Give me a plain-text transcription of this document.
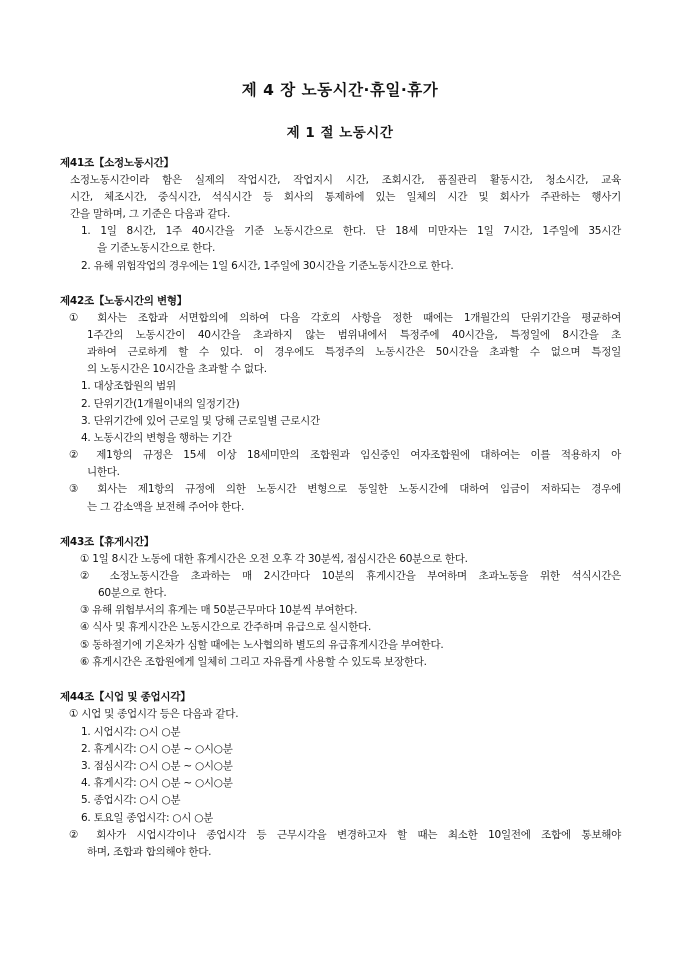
제 4 장 노동시간·휴일·휴가
제 1 절 노동시간
제41조【소정노동시간】
소정노동시간이라 함은 실제의 작업시간, 작업지시 시간, 조회시간, 품질관리 활동시간, 청소시간, 교육
시간, 체조시간, 중식시간, 석식시간 등 회사의 통제하에 있는 일체의 시간 및 회사가 주관하는 행사기
간을 말하며, 그 기준은 다음과 같다.
1. 1일 8시간, 1주 40시간을 기준 노동시간으로 한다. 단 18세 미만자는 1일 7시간, 1주일에 35시간
을 기준노동시간으로 한다.
2. 유해 위험작업의 경우에는 1일 6시간, 1주일에 30시간을 기준노동시간으로 한다.
제42조【노동시간의 변형】
① 회사는 조합과 서면합의에 의하여 다음 각호의 사항을 정한 때에는 1개월간의 단위기간을 평균하여
1주간의 노동시간이 40시간을 초과하지 않는 범위내에서 특정주에 40시간을, 특정일에 8시간을 초
과하여 근로하게 할 수 있다. 이 경우에도 특정주의 노동시간은 50시간을 초과할 수 없으며 특정일
의 노동시간은 10시간을 초과할 수 없다.
1. 대상조합원의 범위
2. 단위기간(1개월이내의 일정기간)
3. 단위기간에 있어 근로일 및 당해 근로일별 근로시간
4. 노동시간의 변형을 행하는 기간
② 제1항의 규정은 15세 이상 18세미만의 조합원과 임신중인 여자조합원에 대하여는 이를 적용하지 아
니한다.
③ 회사는 제1항의 규정에 의한 노동시간 변형으로 동일한 노동시간에 대하여 임금이 저하되는 경우에
는 그 감소액을 보전해 주어야 한다.
제43조【휴게시간】
① 1일 8시간 노동에 대한 휴게시간은 오전 오후 각 30분씩, 점심시간은 60분으로 한다.
② 소정노동시간을 초과하는 매 2시간마다 10분의 휴게시간을 부여하며 초과노동을 위한 석식시간은
60분으로 한다.
③ 유해 위험부서의 휴게는 매 50분근무마다 10분씩 부여한다.
④ 식사 및 휴게시간은 노동시간으로 간주하며 유급으로 실시한다.
⑤ 동하절기에 기온차가 심할 때에는 노사협의하 별도의 유급휴게시간을 부여한다.
⑥ 휴게시간은 조합원에게 일체히 그리고 자유롭게 사용할 수 있도록 보장한다.
제44조【시업 및 종업시각】
① 시업 및 종업시각 등은 다음과 같다.
1. 시업시각: ○시 ○분
2. 휴게시각: ○시 ○분 ~ ○시○분
3. 점심시각: ○시 ○분 ~ ○시○분
4. 휴게시각: ○시 ○분 ~ ○시○분
5. 종업시각: ○시 ○분
6. 토요일 종업시각: ○시 ○분
② 회사가 시업시각이나 종업시각 등 근무시각을 변경하고자 할 때는 최소한 10일전에 조합에 통보해야
하며, 조합과 합의해야 한다.
